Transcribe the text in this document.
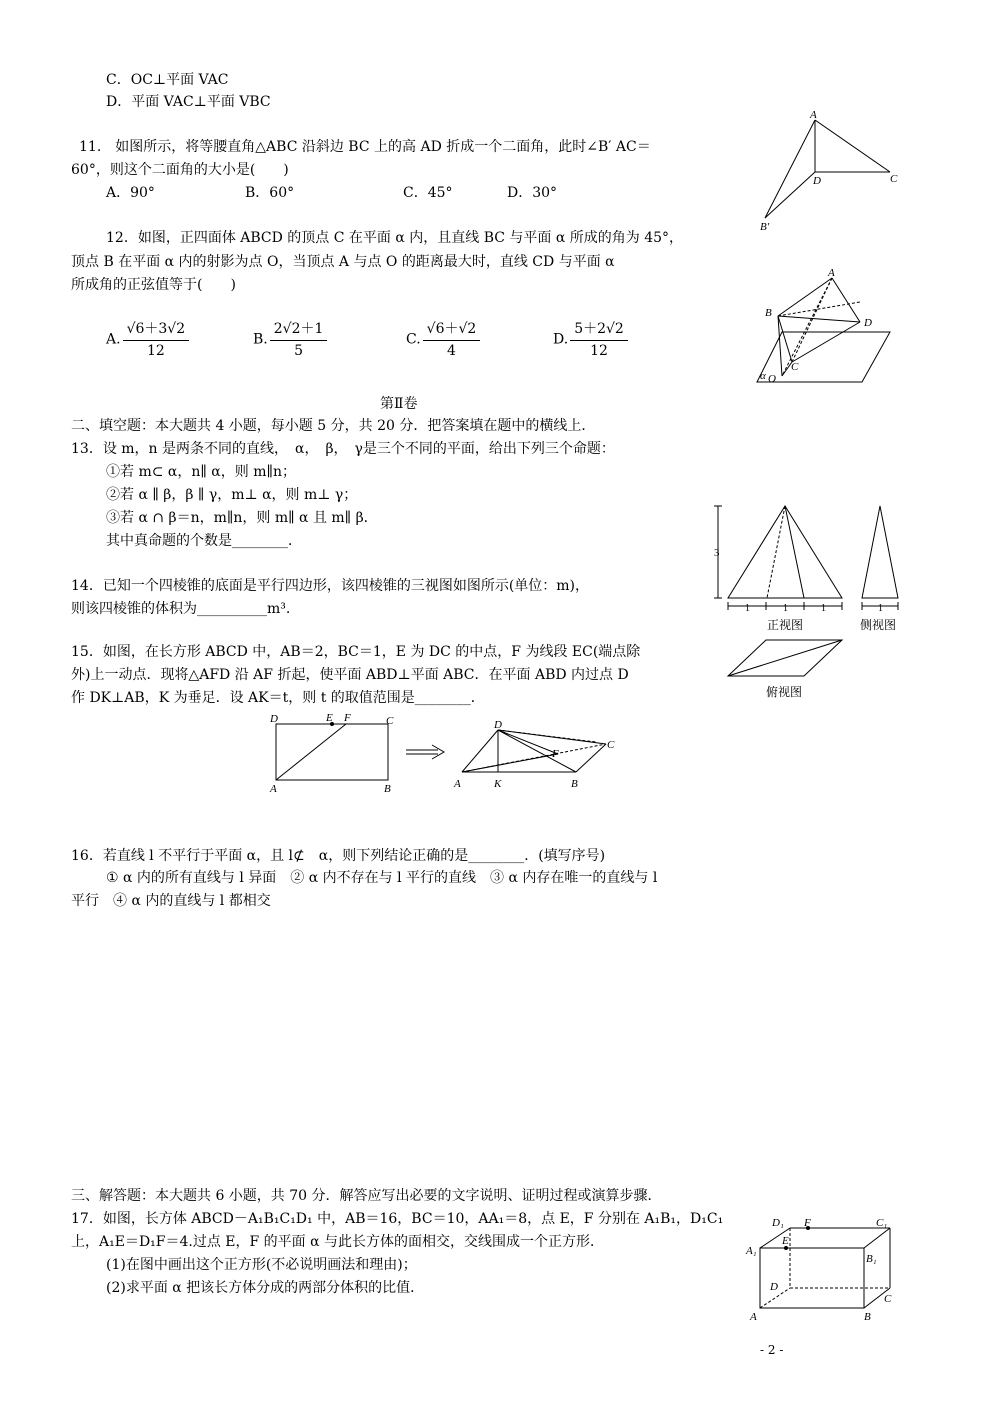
C．OC⊥平面 VAC
D．平面 VAC⊥平面 VBC
11.　如图所示，将等腰直角△ABC 沿斜边 BC 上的高 AD 折成一个二面角，此时∠B′ AC＝
60°，则这个二面角的大小是(　　)
A．90°	B．60°	C．45°	D．30°
12．如图，正四面体 ABCD 的顶点 C 在平面 α 内，且直线 BC 与平面 α 所成的角为 45°，
顶点 B 在平面 α 内的射影为点 O，当顶点 A 与点 O 的距离最大时，直线 CD 与平面 α
所成角的正弦值等于(　　)
A. $\frac{√6+3√2}{12}$	B. $\frac{2√2+1}{5}$	C. $\frac{√6+√2}{4}$	D. $\frac{5+2√2}{12}$
第Ⅱ卷
二、填空题：本大题共 4 小题，每小题 5 分，共 20 分．把答案填在题中的横线上．
13．设 m，n 是两条不同的直线，　α，　β，　γ是三个不同的平面，给出下列三个命题：
①若 m⊂ α，n∥ α，则 m∥n；
②若 α ∥ β，β ∥ γ，m⊥ α，则 m⊥ γ；
③若 α ∩ β＝n，m∥n，则 m∥ α 且 m∥ β．
其中真命题的个数是________．
14．已知一个四棱锥的底面是平行四边形，该四棱锥的三视图如图所示(单位：m)，
则该四棱锥的体积为__________m³.
15．如图，在长方形 ABCD 中，AB＝2，BC＝1，E 为 DC 的中点，F 为线段 EC(端点除
外)上一动点．现将△AFD 沿 AF 折起，使平面 ABD⊥平面 ABC．在平面 ABD 内过点 D
作 DK⊥AB，K 为垂足．设 AK＝t，则 t 的取值范围是________．
16．若直线 l 不平行于平面 α，且 l⊄　α，则下列结论正确的是________．(填写序号)
① α 内的所有直线与 l 异面　② α 内不存在与 l 平行的直线　③ α 内存在唯一的直线与 l
平行　④ α 内的直线与 l 都相交
三、解答题：本大题共 6 小题，共 70 分．解答应写出必要的文字说明、证明过程或演算步骤．
17．如图，长方体 ABCD－A₁B₁C₁D₁ 中，AB＝16，BC＝10，AA₁＝8，点 E，F 分别在 A₁B₁，D₁C₁
上，A₁E＝D₁F＝4.过点 E，F 的平面 α 与此长方体的面相交，交线围成一个正方形．
(1)在图中画出这个正方形(不必说明画法和理由)；
(2)求平面 α 把该长方体分成的两部分体积的比值．
- 2 -
A
B′
C
D
A
B
C
D
O
α
3
1	1	1	1
正视图	侧视图
俯视图
D	E F	C
A	B
D
C
F
A	K	B
D₁ F	C₁
A₁
E
B₁
D
C
A	B
